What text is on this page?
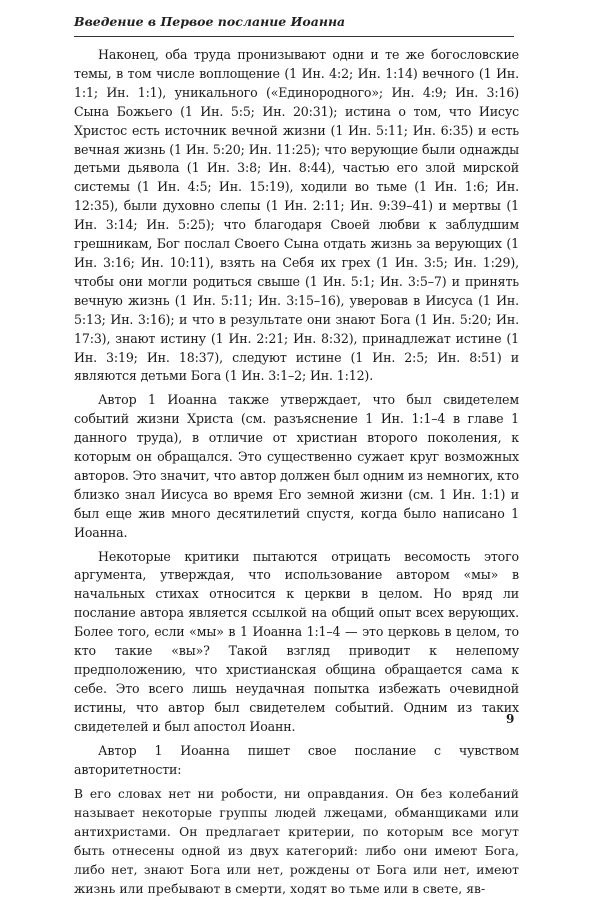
Введение в Первое послание Иоанна

Наконец, оба труда пронизывают одни и те же богословские темы, в том числе воплощение (1 Ин. 4:2; Ин. 1:14) вечного (1 Ин. 1:1; Ин. 1:1), уникального («Единородного»; Ин. 4:9; Ин. 3:16) Сына Божьего (1 Ин. 5:5; Ин. 20:31); истина о том, что Иисус Христос есть источник вечной жизни (1 Ин. 5:11; Ин. 6:35) и есть вечная жизнь (1 Ин. 5:20; Ин. 11:25); что верующие были однажды детьми дьявола (1 Ин. 3:8; Ин. 8:44), частью его злой мирской системы (1 Ин. 4:5; Ин. 15:19), ходили во тьме (1 Ин. 1:6; Ин. 12:35), были духовно слепы (1 Ин. 2:11; Ин. 9:39–41) и мертвы (1 Ин. 3:14; Ин. 5:25); что благодаря Своей любви к заблудшим грешникам, Бог послал Своего Сына отдать жизнь за верующих (1 Ин. 3:16; Ин. 10:11), взять на Себя их грех (1 Ин. 3:5; Ин. 1:29), чтобы они могли родиться свыше (1 Ин. 5:1; Ин. 3:5–7) и принять вечную жизнь (1 Ин. 5:11; Ин. 3:15–16), уверовав в Иисуса (1 Ин. 5:13; Ин. 3:16); и что в результате они знают Бога (1 Ин. 5:20; Ин. 17:3), знают истину (1 Ин. 2:21; Ин. 8:32), принадлежат истине (1 Ин. 3:19; Ин. 18:37), следуют истине (1 Ин. 2:5; Ин. 8:51) и являются детьми Бога (1 Ин. 3:1–2; Ин. 1:12).

Автор 1 Иоанна также утверждает, что был свидетелем событий жизни Христа (см. разъяснение 1 Ин. 1:1–4 в главе 1 данного труда), в отличие от христиан второго поколения, к которым он обращался. Это существенно сужает круг возможных авторов. Это значит, что автор должен был одним из немногих, кто близко знал Иисуса во время Его земной жизни (см. 1 Ин. 1:1) и был еще жив много десятилетий спустя, когда было написано 1 Иоанна.

Некоторые критики пытаются отрицать весомость этого аргумента, утверждая, что использование автором «мы» в начальных стихах относится к церкви в целом. Но вряд ли послание автора является ссылкой на общий опыт всех верующих. Более того, если «мы» в 1 Иоанна 1:1–4 — это церковь в целом, то кто такие «вы»? Такой взгляд приводит к нелепому предположению, что христианская община обращается сама к себе. Это всего лишь неудачная попытка избежать очевидной истины, что автор был свидетелем событий. Одним из таких свидетелей и был апостол Иоанн.

Автор 1 Иоанна пишет свое послание с чувством авторитетности:

В его словах нет ни робости, ни оправдания. Он без колебаний называет некоторые группы людей лжецами, обманщиками или антихристами. Он предлагает критерии, по которым все могут быть отнесены одной из двух категорий: либо они имеют Бога, либо нет, знают Бога или нет, рождены от Бога или нет, имеют жизнь или пребывают в смерти, ходят во тьме или в свете, яв-

9
